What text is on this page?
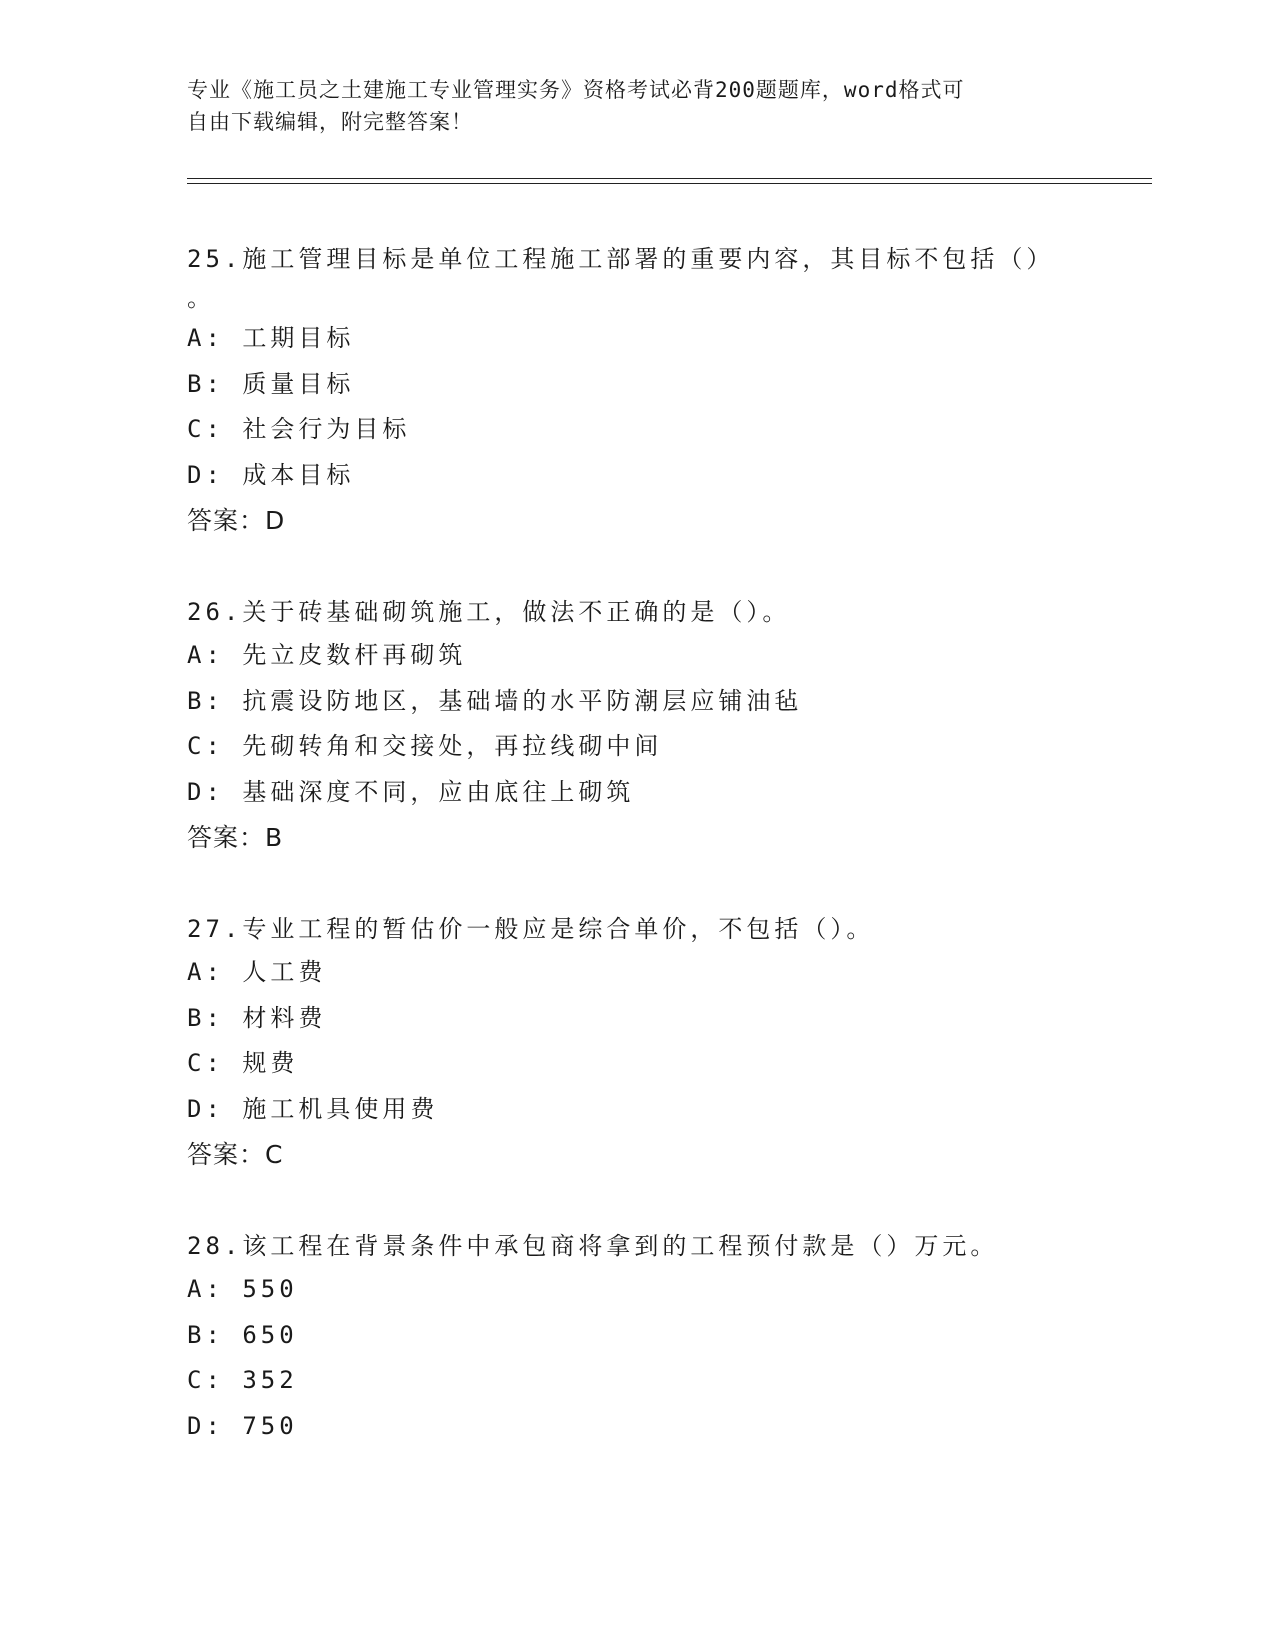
专业《施工员之土建施工专业管理实务》资格考试必背200题题库，word格式可
自由下载编辑，附完整答案！

25.施工管理目标是单位工程施工部署的重要内容，其目标不包括（）

。

A: 工期目标

B: 质量目标

C: 社会行为目标

D: 成本目标

答案：D

26.关于砖基础砌筑施工，做法不正确的是（）。

A: 先立皮数杆再砌筑

B: 抗震设防地区，基础墙的水平防潮层应铺油毡

C: 先砌转角和交接处，再拉线砌中间

D: 基础深度不同，应由底往上砌筑

答案：B

27.专业工程的暂估价一般应是综合单价，不包括（）。

A: 人工费

B: 材料费

C: 规费

D: 施工机具使用费

答案：C

28.该工程在背景条件中承包商将拿到的工程预付款是（）万元。

A: 550

B: 650

C: 352

D: 750
